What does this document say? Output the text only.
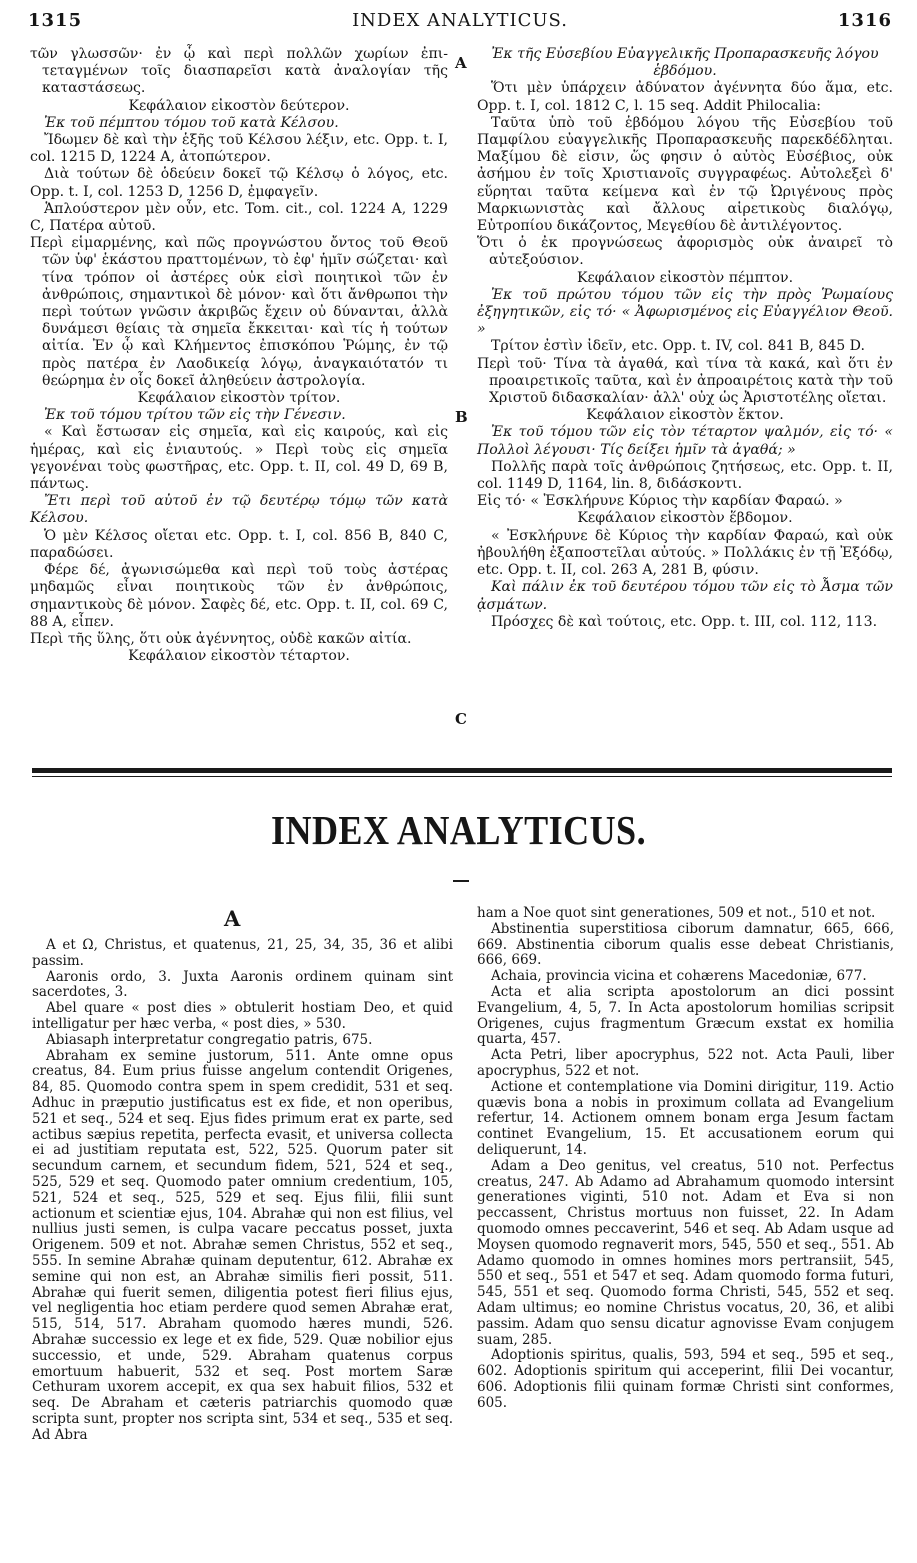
1315	INDEX ANALYTICUS.	1316

τῶν γλωσσῶν· ἐν ᾧ καὶ περὶ πολλῶν χωρίων ἐπι-τεταγμένων τοῖς διασπαρεῖσι κατὰ ἀναλογίαν τῆς καταστάσεως.

Κεφάλαιον εἰκοστὸν δεύτερον.

Ἐκ τοῦ πέμπτου τόμου τοῦ κατὰ Κέλσου.

Ἴδωμεν δὲ καὶ τὴν ἑξῆς τοῦ Κέλσου λέξιν, etc. Opp. t. I, col. 1215 D, 1224 A, ἀτοπώτερον.

Διὰ τούτων δὲ ὁδεύειν δοκεῖ τῷ Κέλσῳ ὁ λόγος, etc. Opp. t. I, col. 1253 D, 1256 D, ἐμφαγεῖν.

Ἁπλούστερον μὲν οὖν, etc. Tom. cit., col. 1224 A, 1229 C, Πατέρα αὐτοῦ.

Περὶ εἱμαρμένης, καὶ πῶς προγνώστου ὄντος τοῦ Θεοῦ τῶν ὑφ' ἑκάστου πραττομένων, τὸ ἐφ' ἡμῖν σώζεται· καὶ τίνα τρόπον οἱ ἀστέρες οὐκ εἰσὶ ποιητικοὶ τῶν ἐν ἀνθρώποις, σημαντικοὶ δὲ μόνον· καὶ ὅτι ἄνθρωποι τὴν περὶ τούτων γνῶσιν ἀκριβῶς ἔχειν οὐ δύνανται, ἀλλὰ δυνάμεσι θείαις τὰ σημεῖα ἔκκειται· καὶ τίς ἡ τούτων αἰτία. Ἐν ᾧ καὶ Κλήμεντος ἐπισκόπου Ῥώμης, ἐν τῷ πρὸς πατέρα ἐν Λαοδικείᾳ λόγῳ, ἀναγκαιότατόν τι θεώρημα ἐν οἷς δοκεῖ ἀληθεύειν ἀστρολογία.

Κεφάλαιον εἰκοστὸν τρίτον.

Ἐκ τοῦ τόμου τρίτου τῶν εἰς τὴν Γένεσιν.

« Καὶ ἔστωσαν εἰς σημεῖα, καὶ εἰς καιρούς, καὶ εἰς ἡμέρας, καὶ εἰς ἐνιαυτούς. » Περὶ τοὺς εἰς σημεῖα γεγονέναι τοὺς φωστῆρας, etc. Opp. t. II, col. 49 D, 69 B, πάντως.

Ἔτι περὶ τοῦ αὐτοῦ ἐν τῷ δευτέρῳ τόμῳ τῶν κατὰ Κέλσου.

Ὁ μὲν Κέλσος οἴεται etc. Opp. t. I, col. 856 B, 840 C, παραδώσει.

Φέρε δέ, ἀγωνισώμεθα καὶ περὶ τοῦ τοὺς ἀστέρας μηδαμῶς εἶναι ποιητικοὺς τῶν ἐν ἀνθρώποις, σημαντικοὺς δὲ μόνον. Σαφὲς δέ, etc. Opp. t. II, col. 69 C, 88 A, εἶπεν.

Περὶ τῆς ὕλης, ὅτι οὐκ ἀγέννητος, οὐδὲ κακῶν αἰτία.

Κεφάλαιον εἰκοστὸν τέταρτον.

Ἐκ τῆς Εὐσεβίου Εὐαγγελικῆς Προπαρασκευῆς λόγου ἑβδόμου.

Ὅτι μὲν ὑπάρχειν ἀδύνατον ἀγέννητα δύο ἅμα, etc. Opp. t. I, col. 1812 C, l. 15 seq. Addit Philocalia:

Ταῦτα ὑπὸ τοῦ ἑβδόμου λόγου τῆς Εὐσεβίου τοῦ Παμφίλου εὐαγγελικῆς Προπαρασκευῆς παρεκδέδληται. Μαξίμου δὲ εἰσιν, ὥς φησιν ὁ αὐτὸς Εὐσέβιος, οὐκ ἀσήμου ἐν τοῖς Χριστιανοῖς συγγραφέως. Αὐτολεξεὶ δ' εὕρηται ταῦτα κείμενα καὶ ἐν τῷ Ὠριγένους πρὸς Μαρκιωνιστὰς καὶ ἄλλους αἱρετικοὺς διαλόγῳ, Εὐτροπίου δικάζοντος, Μεγεθίου δὲ ἀντιλέγοντος.

Ὅτι ὁ ἐκ προγνώσεως ἀφορισμὸς οὐκ ἀναιρεῖ τὸ αὐτεξούσιον.

Κεφάλαιον εἰκοστὸν πέμπτον.

Ἐκ τοῦ πρώτου τόμου τῶν εἰς τὴν πρὸς Ῥωμαίους ἐξηγητικῶν, εἰς τό· « Ἀφωρισμένος εἰς Εὐαγγέλιον Θεοῦ. »

Τρίτον ἐστὶν ἰδεῖν, etc. Opp. t. IV, col. 841 B, 845 D.

Περὶ τοῦ· Τίνα τὰ ἀγαθά, καὶ τίνα τὰ κακά, καὶ ὅτι ἐν προαιρετικοῖς ταῦτα, καὶ ἐν ἀπροαιρέτοις κατὰ τὴν τοῦ Χριστοῦ διδασκαλίαν· ἀλλ' οὐχ ὡς Ἀριστοτέλης οἴεται.

Κεφάλαιον εἰκοστὸν ἕκτον.

Ἐκ τοῦ τόμου τῶν εἰς τὸν τέταρτον ψαλμόν, εἰς τό· « Πολλοὶ λέγουσι· Τίς δείξει ἡμῖν τὰ ἀγαθά; »

Πολλῆς παρὰ τοῖς ἀνθρώποις ζητήσεως, etc. Opp. t. II, col. 1149 D, 1164, lin. 8, διδάσκοντι.

Εἰς τό· « Ἐσκλήρυνε Κύριος τὴν καρδίαν Φαραώ. »

Κεφάλαιον εἰκοστὸν ἕβδομον.

« Ἐσκλήρυνε δὲ Κύριος τὴν καρδίαν Φαραώ, καὶ οὐκ ἠβουλήθη ἐξαποστεῖλαι αὐτούς. » Πολλάκις ἐν τῇ Ἐξόδῳ, etc. Opp. t. II, col. 263 A, 281 B, φύσιν.

Καὶ πάλιν ἐκ τοῦ δευτέρου τόμου τῶν εἰς τὸ Ἆσμα τῶν ᾀσμάτων.

Πρόσχες δὲ καὶ τούτοις, etc. Opp. t. III, col. 112, 113.

A
B
C
INDEX ANALYTICUS.
A

A et Ω, Christus, et quatenus, 21, 25, 34, 35, 36 et alibi passim.

Aaronis ordo, 3. Juxta Aaronis ordinem quinam sint sacerdotes, 3.

Abel quare « post dies » obtulerit hostiam Deo, et quid intelligatur per hæc verba, « post dies, » 530.

Abiasaph interpretatur congregatio patris, 675.

Abraham ex semine justorum, 511. Ante omne opus creatus, 84. Eum prius fuisse angelum contendit Origenes, 84, 85. Quomodo contra spem in spem credidit, 531 et seq. Adhuc in præputio justificatus est ex fide, et non operibus, 521 et seq., 524 et seq. Ejus fides primum erat ex parte, sed actibus sæpius repetita, perfecta evasit, et universa collecta ei ad justitiam reputata est, 522, 525. Quorum pater sit secundum carnem, et secundum fidem, 521, 524 et seq., 525, 529 et seq. Quomodo pater omnium credentium, 105, 521, 524 et seq., 525, 529 et seq. Ejus filii, filii sunt actionum et scientiæ ejus, 104. Abrahæ qui non est filius, vel nullius justi semen, is culpa vacare peccatus posset, juxta Origenem. 509 et not. Abrahæ semen Christus, 552 et seq., 555. In semine Abrahæ quinam deputentur, 612. Abrahæ ex semine qui non est, an Abrahæ similis fieri possit, 511. Abrahæ qui fuerit semen, diligentia potest fieri filius ejus, vel negligentia hoc etiam perdere quod semen Abrahæ erat, 515, 514, 517. Abraham quomodo hæres mundi, 526. Abrahæ successio ex lege et ex fide, 529. Quæ nobilior ejus successio, et unde, 529. Abraham quatenus corpus emortuum habuerit, 532 et seq. Post mortem Saræ Cethuram uxorem accepit, ex qua sex habuit filios, 532 et seq. De Abraham et cæteris patriarchis quomodo quæ scripta sunt, propter nos scripta sint, 534 et seq., 535 et seq. Ad Abra

ham a Noe quot sint generationes, 509 et not., 510 et not.

Abstinentia superstitiosa ciborum damnatur, 665, 666, 669. Abstinentia ciborum qualis esse debeat Christianis, 666, 669.

Achaia, provincia vicina et cohærens Macedoniæ, 677.

Acta et alia scripta apostolorum an dici possint Evangelium, 4, 5, 7. In Acta apostolorum homilias scripsit Origenes, cujus fragmentum Græcum exstat ex homilia quarta, 457.

Acta Petri, liber apocryphus, 522 not. Acta Pauli, liber apocryphus, 522 et not.

Actione et contemplatione via Domini dirigitur, 119. Actio quævis bona a nobis in proximum collata ad Evangelium refertur, 14. Actionem omnem bonam erga Jesum factam continet Evangelium, 15. Et accusationem eorum qui deliquerunt, 14.

Adam a Deo genitus, vel creatus, 510 not. Perfectus creatus, 247. Ab Adamo ad Abrahamum quomodo intersint generationes viginti, 510 not. Adam et Eva si non peccassent, Christus mortuus non fuisset, 22. In Adam quomodo omnes peccaverint, 546 et seq. Ab Adam usque ad Moysen quomodo regnaverit mors, 545, 550 et seq., 551. Ab Adamo quomodo in omnes homines mors pertransiit, 545, 550 et seq., 551 et 547 et seq. Adam quomodo forma futuri, 545, 551 et seq. Quomodo forma Christi, 545, 552 et seq. Adam ultimus; eo nomine Christus vocatus, 20, 36, et alibi passim. Adam quo sensu dicatur agnovisse Evam conjugem suam, 285.

Adoptionis spiritus, qualis, 593, 594 et seq., 595 et seq., 602. Adoptionis spiritum qui acceperint, filii Dei vocantur, 606. Adoptionis filii quinam formæ Christi sint conformes, 605.
